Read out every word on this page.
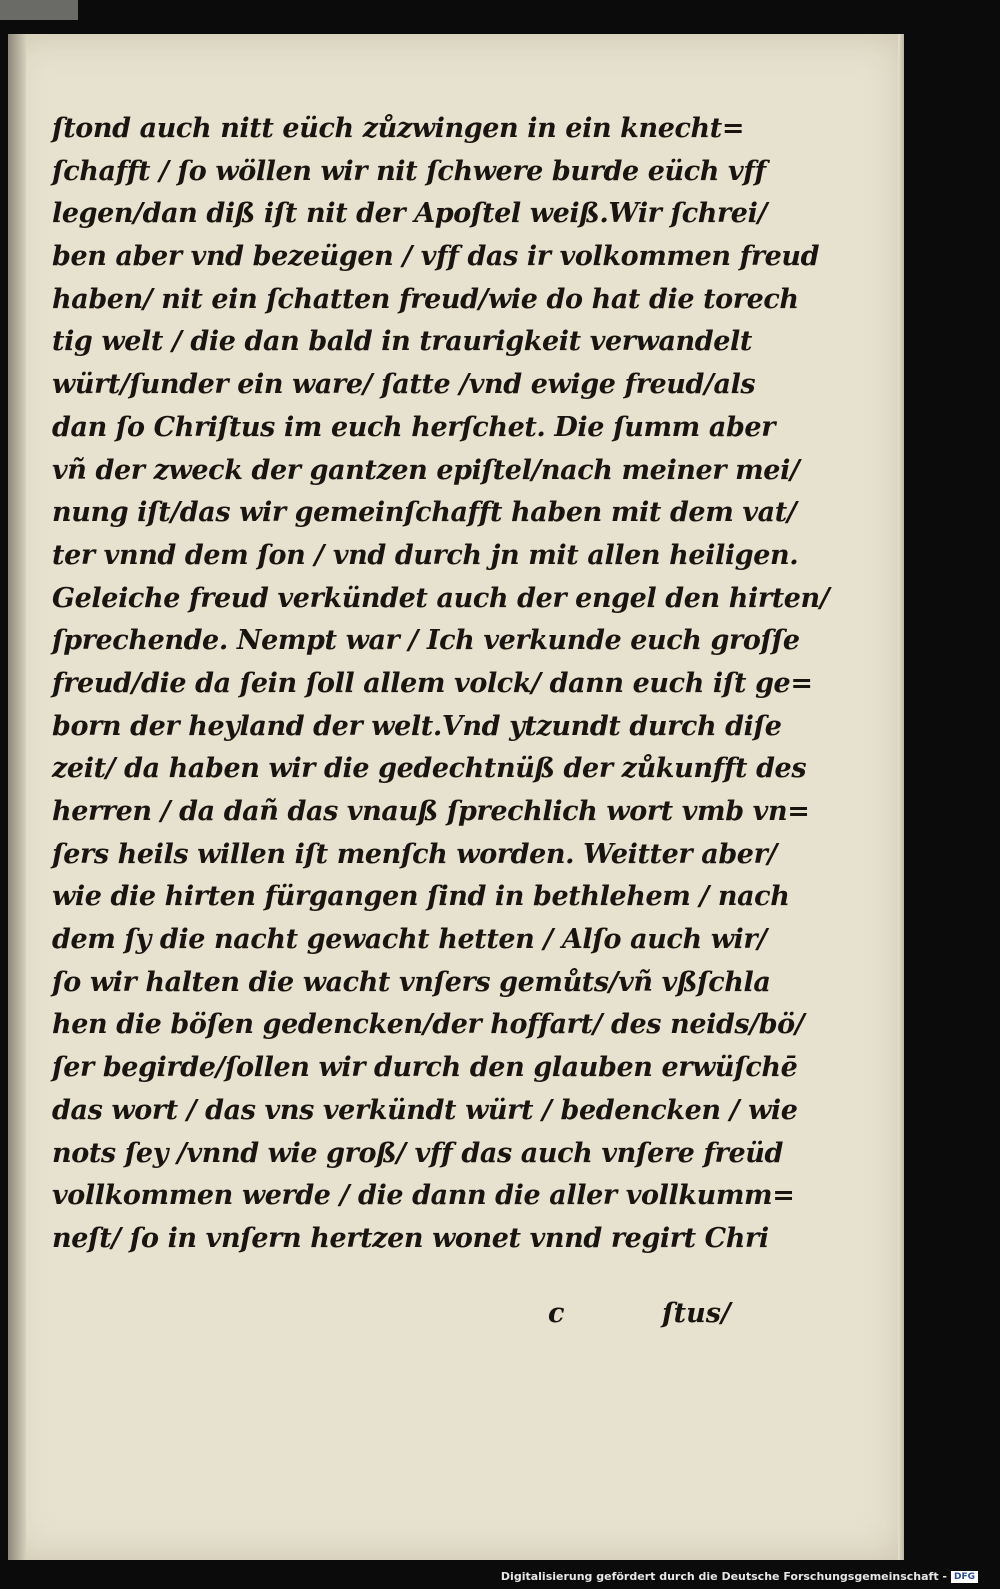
ſtond auch nitt eüch zůzwingen in ein knecht=
ſchafft / ſo wöllen wir nit ſchwere burde eüch vff
legen/dan diß iſt nit der Apoſtel weiß.Wir ſchrei/
ben aber vnd bezeügen / vff das ir volkommen freud
haben/ nit ein ſchatten freud/wie do hat die torech
tig welt / die dan bald in traurigkeit verwandelt
würt/ſunder ein ware/ ſatte /vnd ewige freud/als
dan ſo Chriſtus im euch herſchet. Die ſumm aber
vñ der zweck der gantzen epiſtel/nach meiner mei/
nung iſt/das wir gemeinſchafft haben mit dem vat/
ter vnnd dem ſon / vnd durch jn mit allen heiligen.
Geleiche freud verkündet auch der engel den hirten/
ſprechende. Nempt war / Ich verkunde euch groſſe
freud/die da ſein ſoll allem volck/ dann euch iſt ge=
born der heyland der welt.Vnd ytzundt durch diſe
zeit/ da haben wir die gedechtnüß der zůkunfft des
herren / da dañ das vnauß ſprechlich wort vmb vn=
ſers heils willen iſt menſch worden. Weitter aber/
wie die hirten fürgangen ſind in bethlehem / nach
dem ſy die nacht gewacht hetten / Alſo auch wir/
ſo wir halten die wacht vnſers gemůts/vñ vßſchla
hen die böſen gedencken/der hoffart/ des neids/bö/
ſer begirde/ſollen wir durch den glauben erwüſchē
das wort / das vns verkündt würt / bedencken / wie
nots ſey /vnnd wie groß/ vff das auch vnſere freüd
vollkommen werde / die dann die aller vollkumm=
neſt/ ſo in vnſern hertzen wonet vnnd regirt Chri
c	ſtus/
Digitalisierung gefördert durch die Deutsche Forschungsgemeinschaft - DFG
